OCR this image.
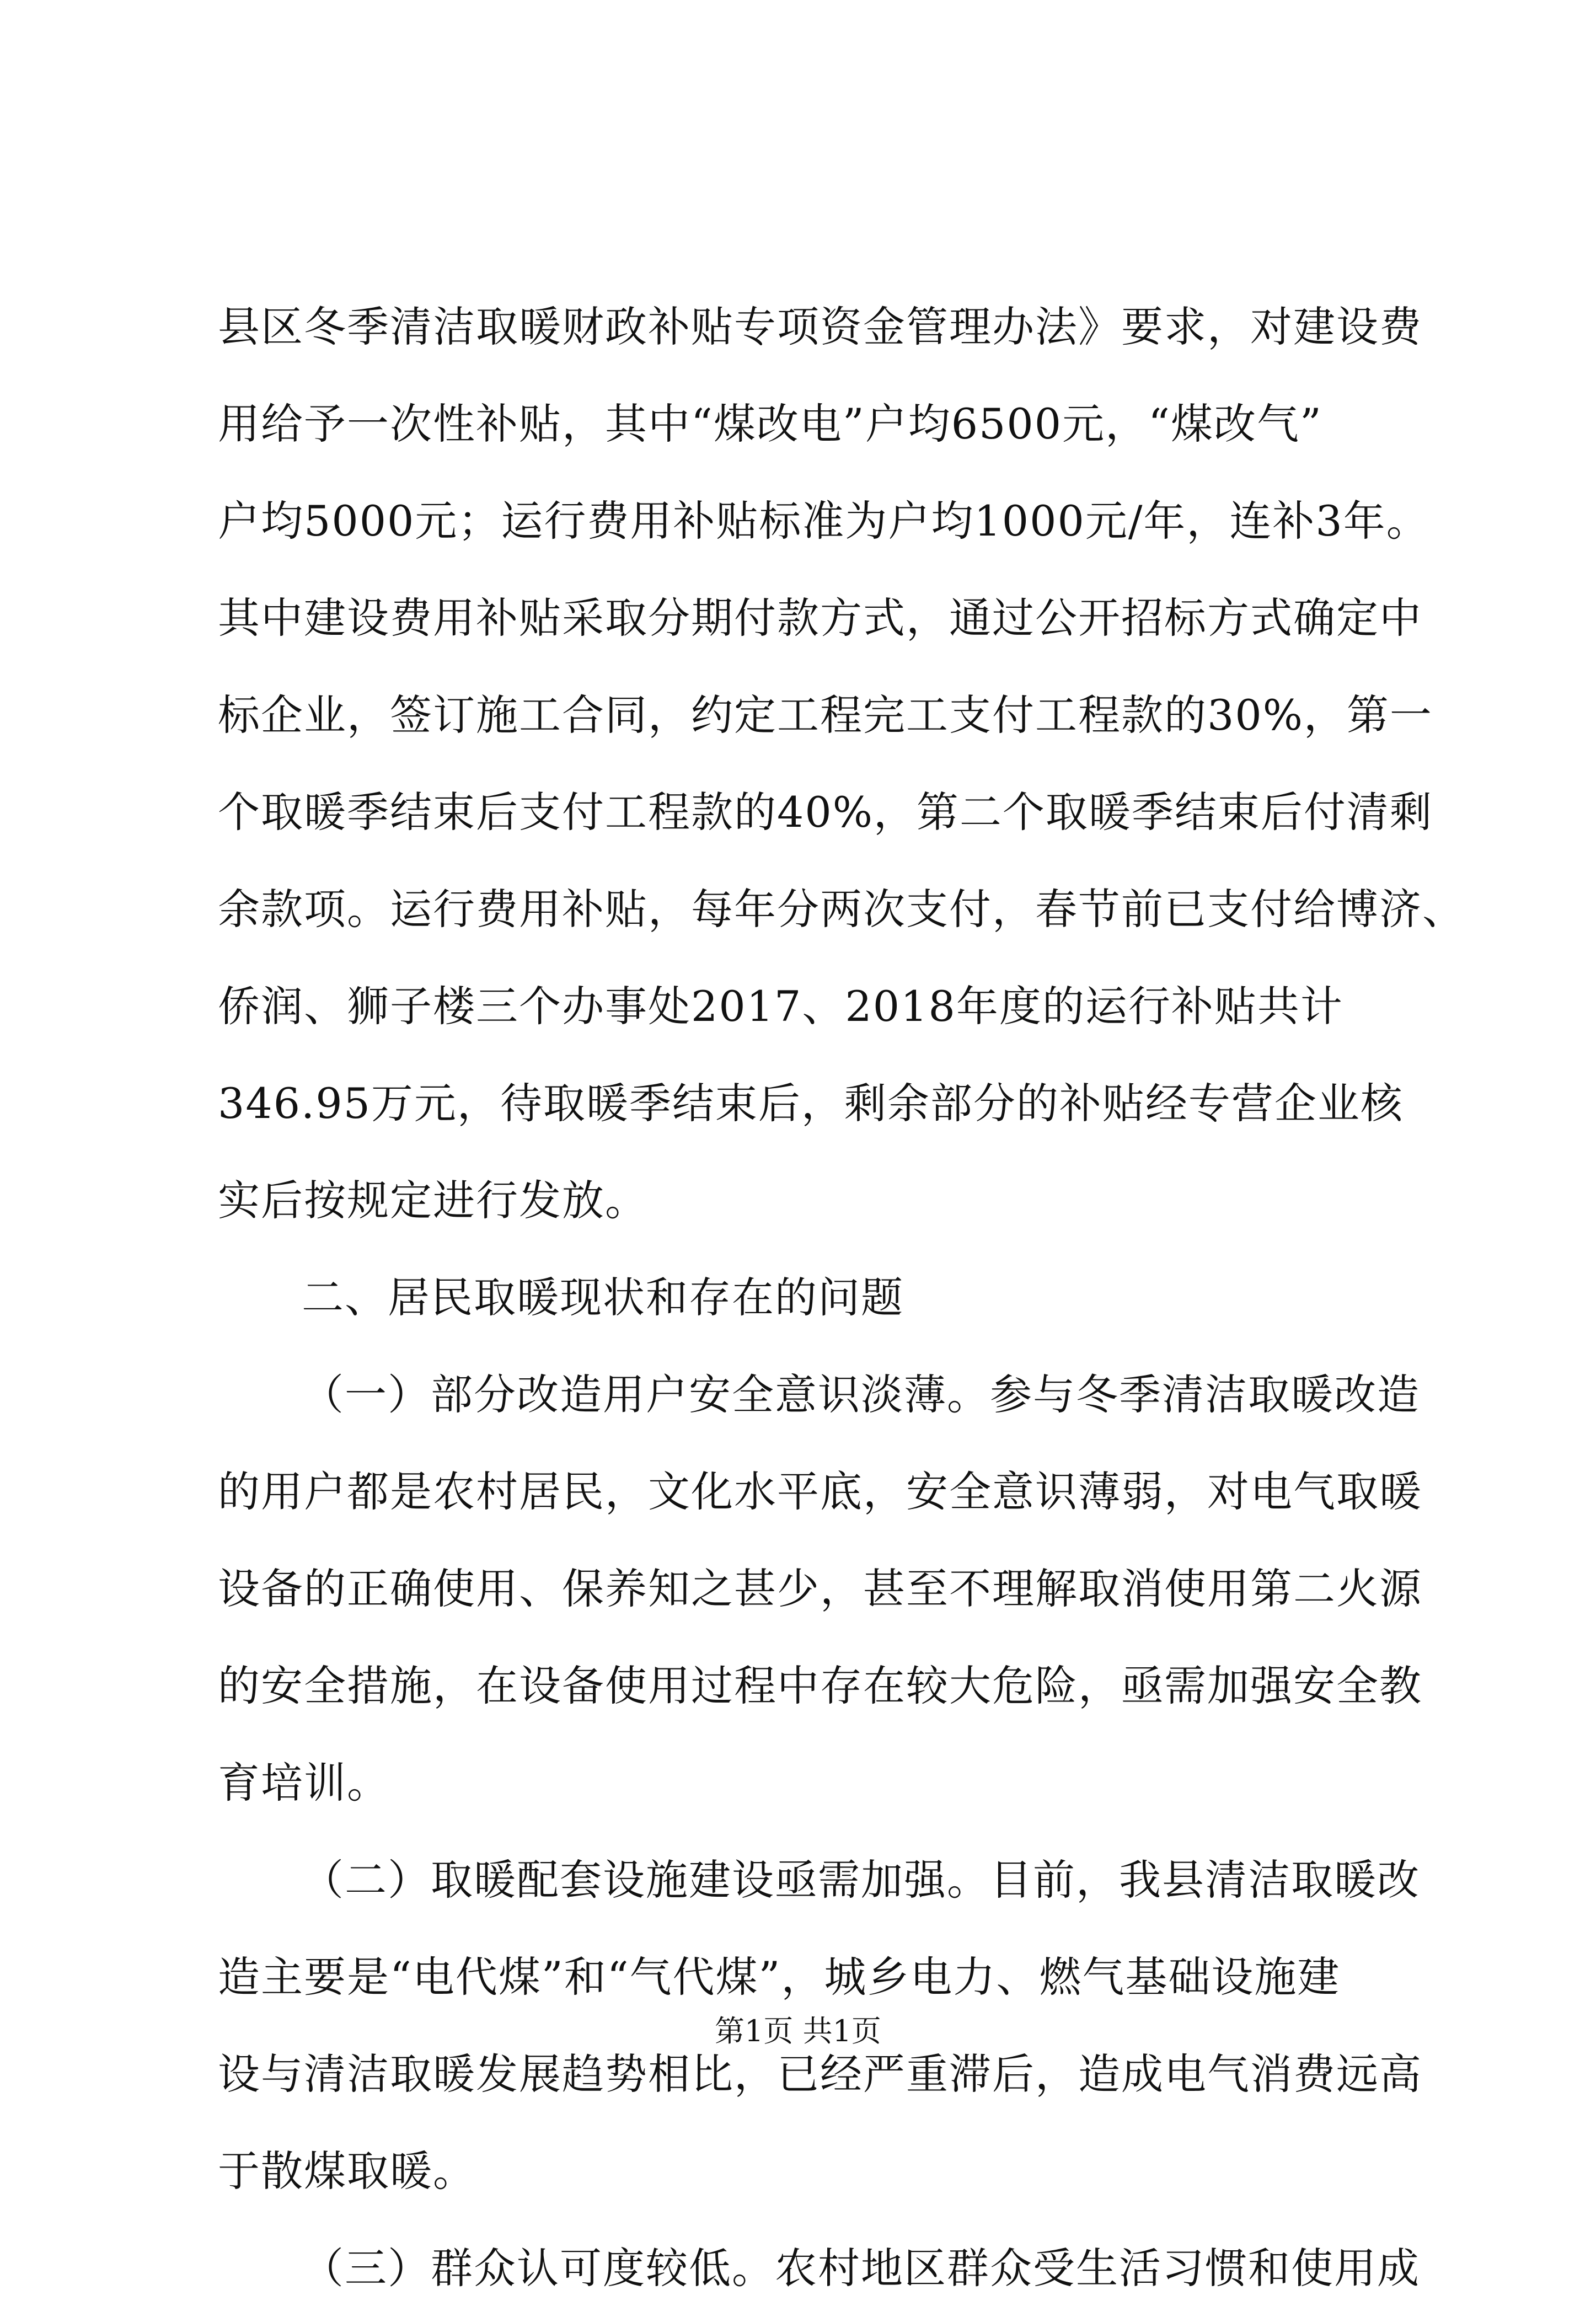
县区冬季清洁取暖财政补贴专项资金管理办法》要求，对建设费
用给予一次性补贴，其中“煤改电”户均6500元，“煤改气”
户均5000元；运行费用补贴标准为户均1000元/年，连补3年。
其中建设费用补贴采取分期付款方式，通过公开招标方式确定中
标企业，签订施工合同，约定工程完工支付工程款的30%，第一
个取暖季结束后支付工程款的40%，第二个取暖季结束后付清剩
余款项。运行费用补贴，每年分两次支付，春节前已支付给博济、
侨润、狮子楼三个办事处2017、2018年度的运行补贴共计
346.95万元，待取暖季结束后，剩余部分的补贴经专营企业核
实后按规定进行发放。
二、居民取暖现状和存在的问题
（一）部分改造用户安全意识淡薄。参与冬季清洁取暖改造
的用户都是农村居民，文化水平底，安全意识薄弱，对电气取暖
设备的正确使用、保养知之甚少，甚至不理解取消使用第二火源
的安全措施，在设备使用过程中存在较大危险，亟需加强安全教
育培训。
（二）取暖配套设施建设亟需加强。目前，我县清洁取暖改
造主要是“电代煤”和“气代煤”，城乡电力、燃气基础设施建
设与清洁取暖发展趋势相比，已经严重滞后，造成电气消费远高
于散煤取暖。
（三）群众认可度较低。农村地区群众受生活习惯和使用成
第1页 共1页
